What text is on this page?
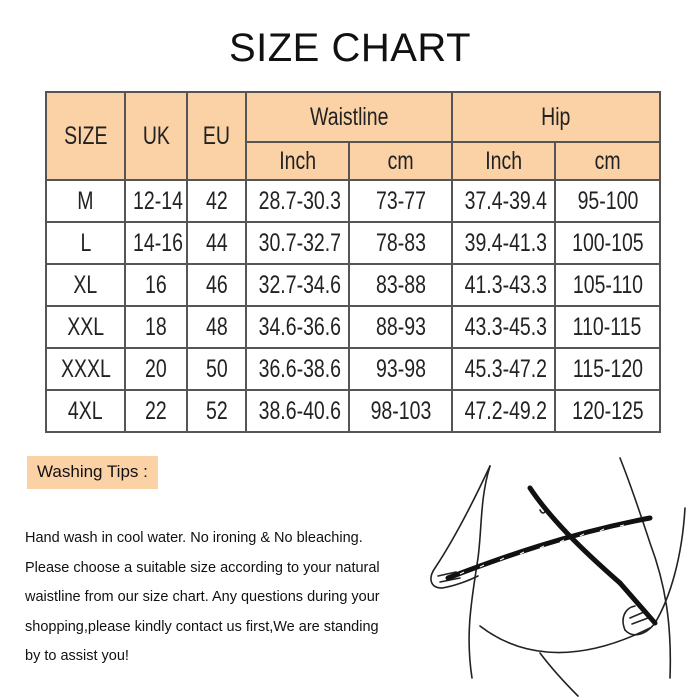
SIZE CHART
SIZE	UK	EU	Waistline		Hip	
			Inch	cm	Inch	cm
M	12-14	42	28.7-30.3	73-77	37.4-39.4	95-100
L	14-16	44	30.7-32.7	78-83	39.4-41.3	100-105
XL	16	46	32.7-34.6	83-88	41.3-43.3	105-110
XXL	18	48	34.6-36.6	88-93	43.3-45.3	110-115
XXXL	20	50	36.6-38.6	93-98	45.3-47.2	115-120
4XL	22	52	38.6-40.6	98-103	47.2-49.2	120-125
Washing Tips :

Hand wash in cool water. No ironing & No bleaching.

Please choose a suitable size according to your natural

waistline from our size chart. Any questions during your

shopping,please kindly contact us first,We are standing

by to assist you!
